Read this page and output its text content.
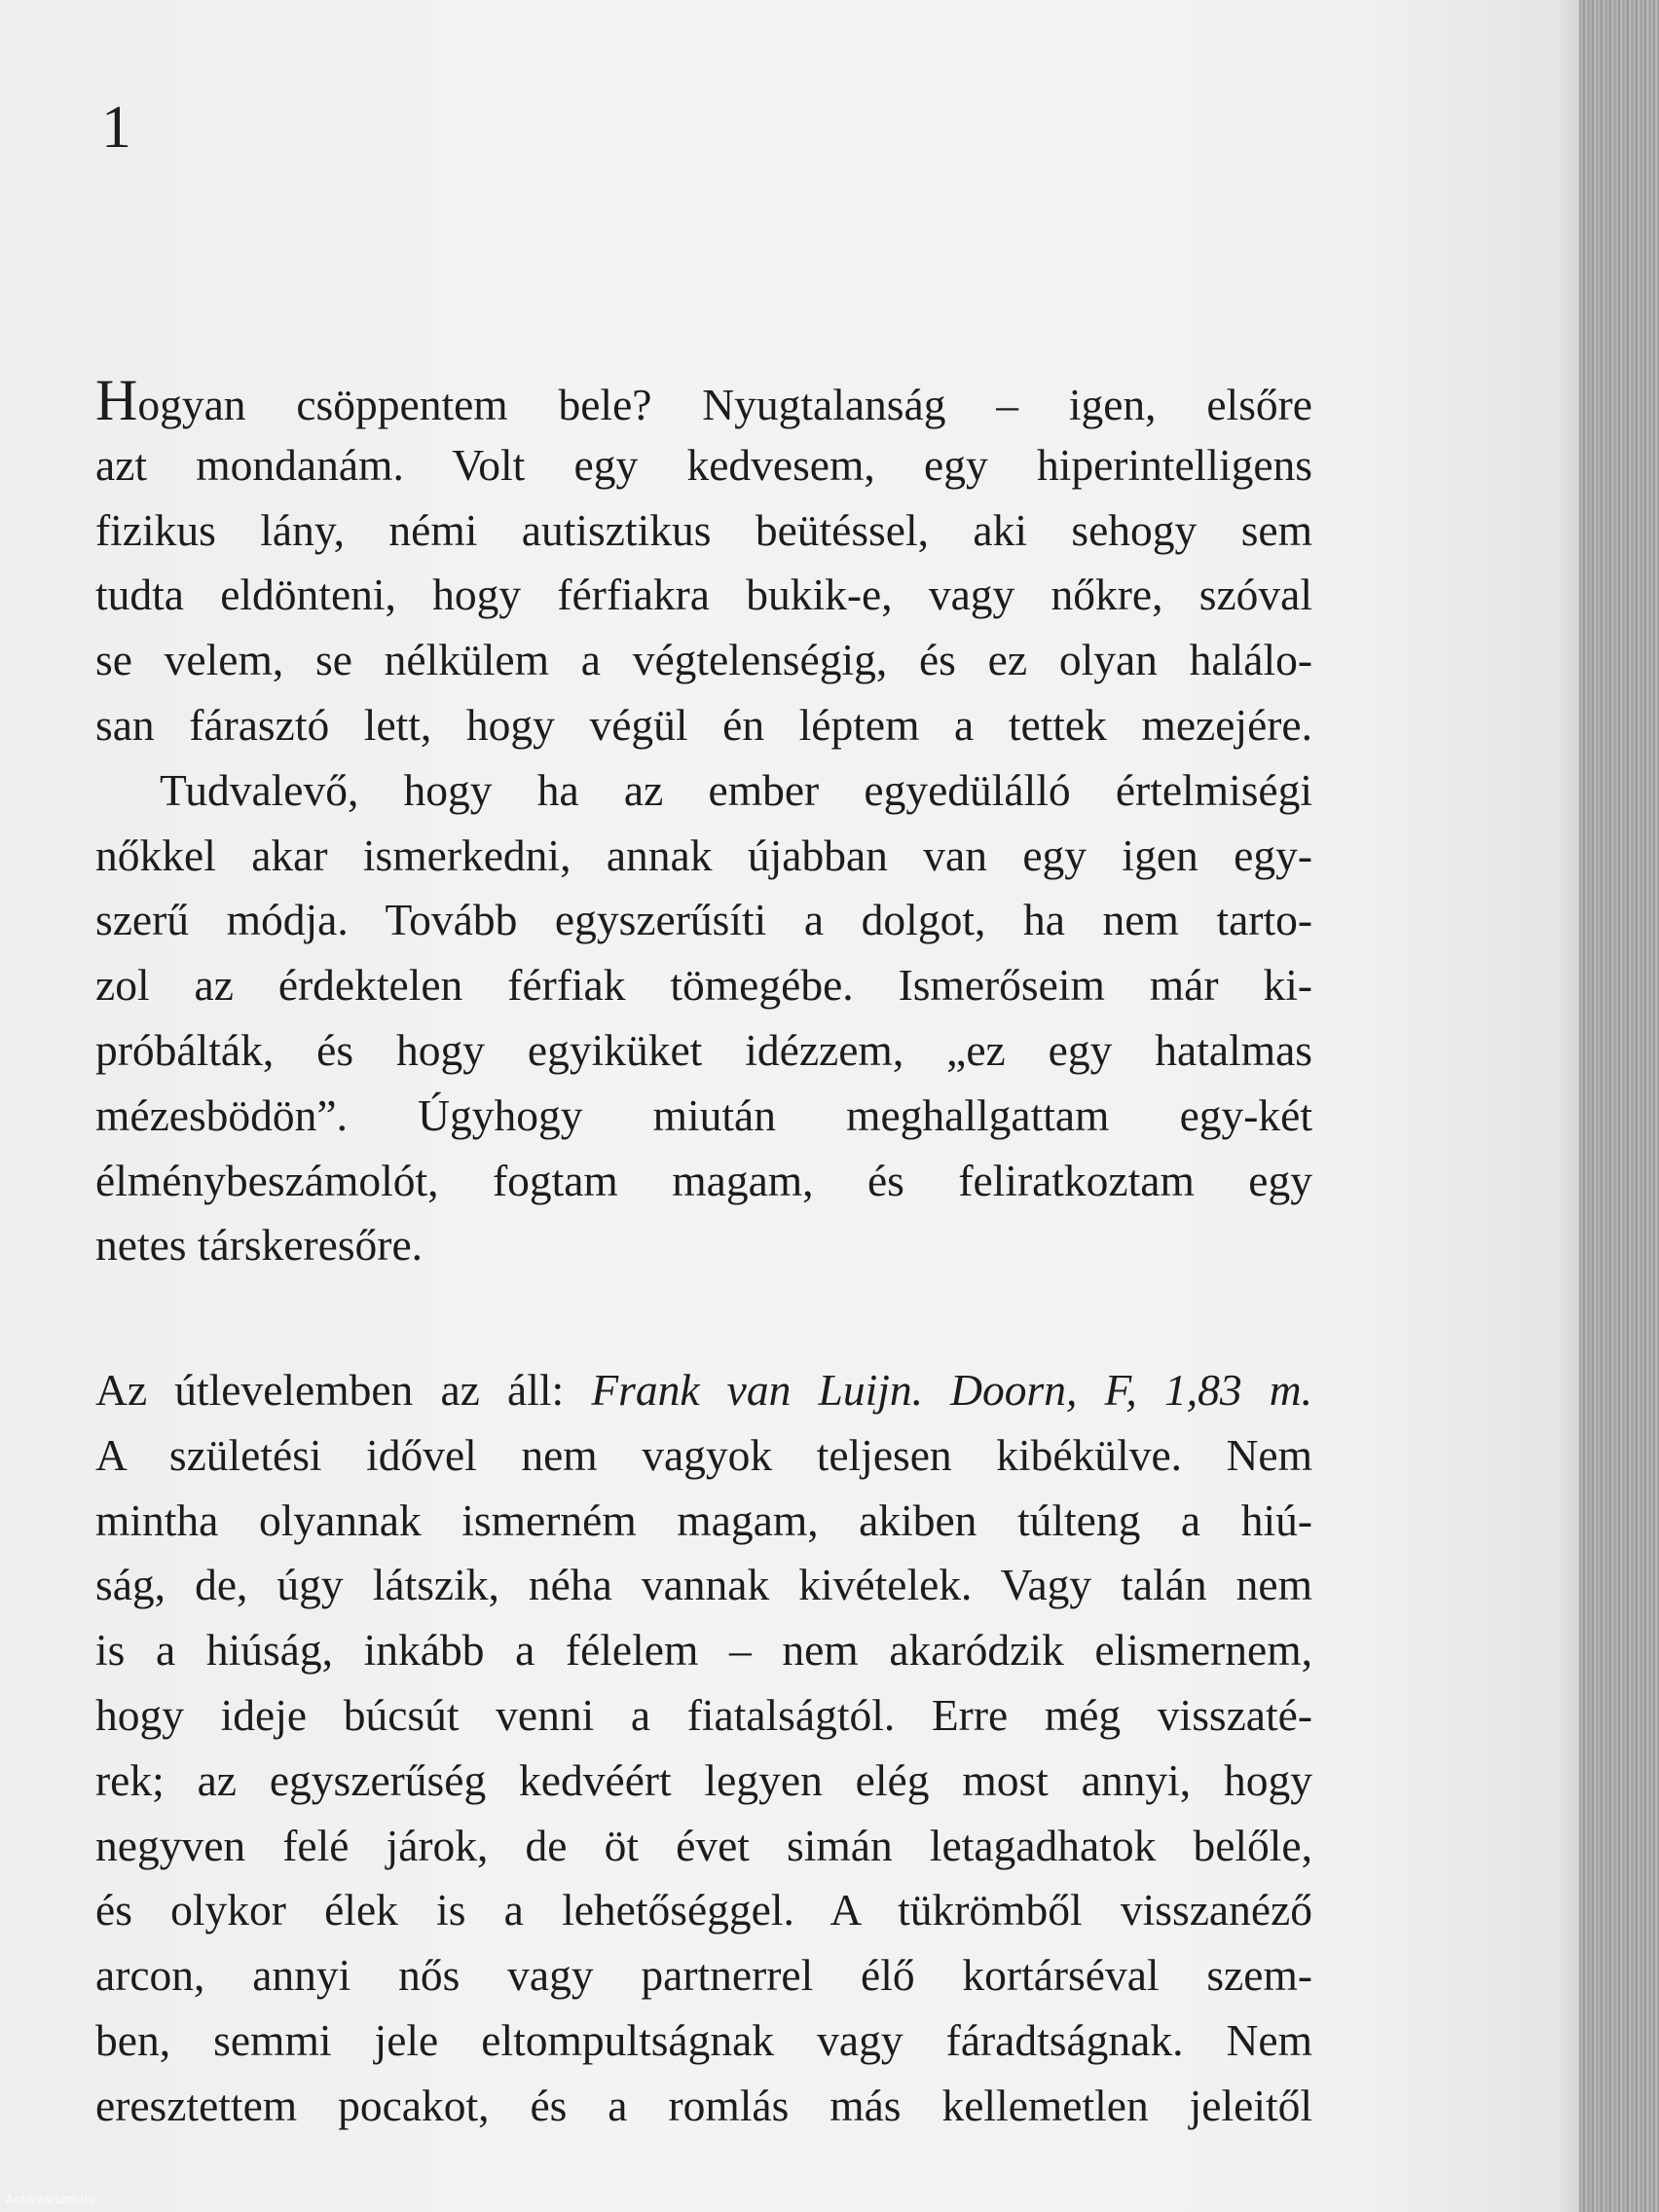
1
Hogyan csöppentem bele? Nyugtalanság – igen, elsőre
azt mondanám. Volt egy kedvesem, egy hiperintelligens
fizikus lány, némi autisztikus beütéssel, aki sehogy sem
tudta eldönteni, hogy férfiakra bukik-e, vagy nőkre, szóval
se velem, se nélkülem a végtelenségig, és ez olyan halálo-
san fárasztó lett, hogy végül én léptem a tettek mezejére.
Tudvalevő, hogy ha az ember egyedülálló értelmiségi
nőkkel akar ismerkedni, annak újabban van egy igen egy-
szerű módja. Tovább egyszerűsíti a dolgot, ha nem tarto-
zol az érdektelen férfiak tömegébe. Ismerőseim már ki-
próbálták, és hogy egyiküket idézzem, „ez egy hatalmas
mézesbödön”. Úgyhogy miután meghallgattam egy-két
élménybeszámolót, fogtam magam, és feliratkoztam egy
netes társkeresőre.
Az útlevelemben az áll: Frank van Luijn. Doorn, F, 1,83 m.
A születési idővel nem vagyok teljesen kibékülve. Nem
mintha olyannak ismerném magam, akiben túlteng a hiú-
ság, de, úgy látszik, néha vannak kivételek. Vagy talán nem
is a hiúság, inkább a félelem – nem akaródzik elismernem,
hogy ideje búcsút venni a fiatalságtól. Erre még visszaté-
rek; az egyszerűség kedvéért legyen elég most annyi, hogy
negyven felé járok, de öt évet simán letagadhatok belőle,
és olykor élek is a lehetőséggel. A tükrömből visszanéző
arcon, annyi nős vagy partnerrel élő kortárséval szem-
ben, semmi jele eltompultságnak vagy fáradtságnak. Nem
eresztettem pocakot, és a romlás más kellemetlen jeleitől
Antikvarium.hu
